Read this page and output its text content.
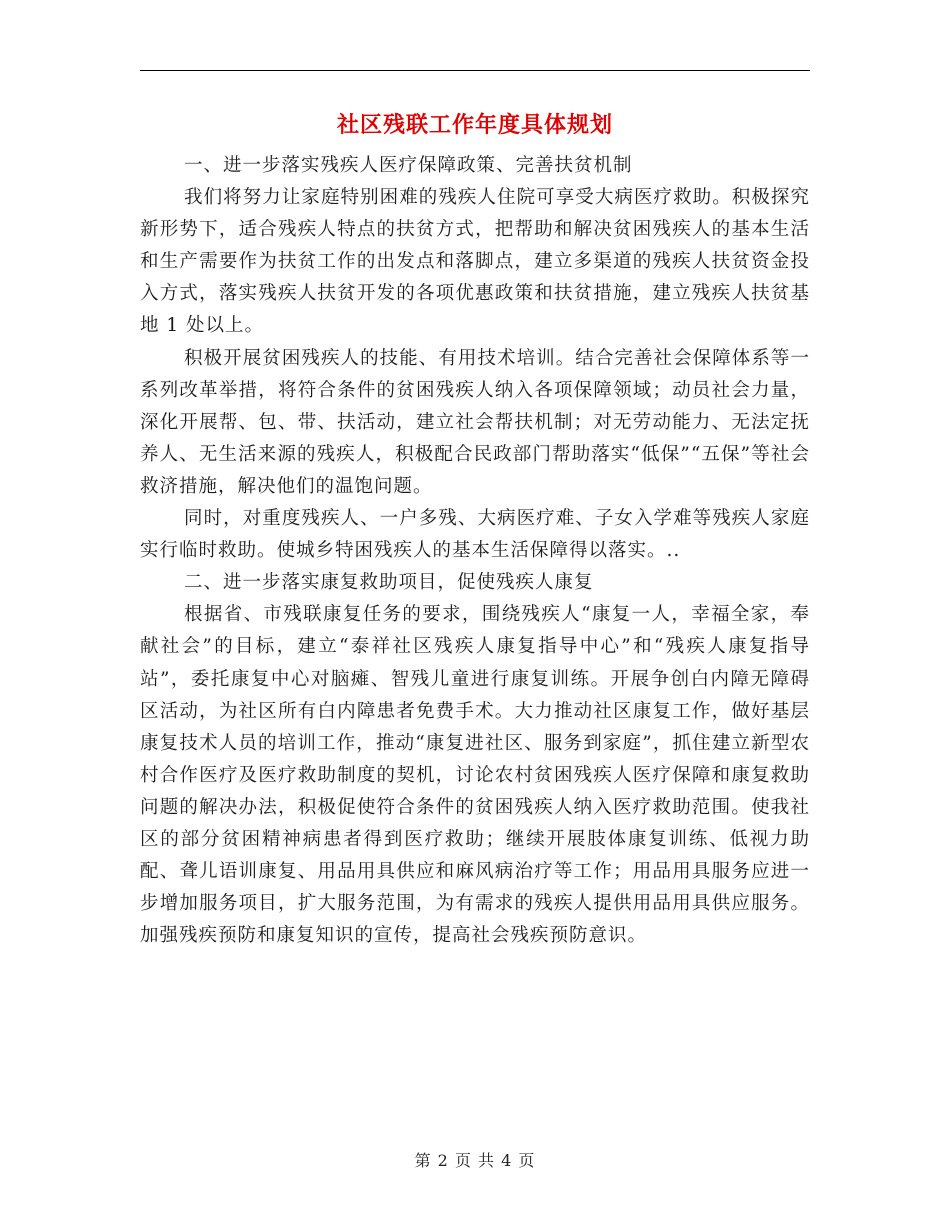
社区残联工作年度具体规划

一、进一步落实残疾人医疗保障政策、完善扶贫机制

我们将努力让家庭特别困难的残疾人住院可享受大病医疗救助。积极探究新形势下，适合残疾人特点的扶贫方式，把帮助和解决贫困残疾人的基本生活和生产需要作为扶贫工作的出发点和落脚点，建立多渠道的残疾人扶贫资金投入方式，落实残疾人扶贫开发的各项优惠政策和扶贫措施，建立残疾人扶贫基地 1 处以上。

积极开展贫困残疾人的技能、有用技术培训。结合完善社会保障体系等一系列改革举措，将符合条件的贫困残疾人纳入各项保障领域；动员社会力量，深化开展帮、包、带、扶活动，建立社会帮扶机制；对无劳动能力、无法定抚养人、无生活来源的残疾人，积极配合民政部门帮助落实“低保”“五保”等社会救济措施，解决他们的温饱问题。

同时，对重度残疾人、一户多残、大病医疗难、子女入学难等残疾人家庭实行临时救助。使城乡特困残疾人的基本生活保障得以落实。..

二、进一步落实康复救助项目，促使残疾人康复

根据省、市残联康复任务的要求，围绕残疾人“康复一人，幸福全家，奉献社会”的目标，建立“泰祥社区残疾人康复指导中心”和“残疾人康复指导站”，委托康复中心对脑瘫、智残儿童进行康复训练。开展争创白内障无障碍区活动，为社区所有白内障患者免费手术。大力推动社区康复工作，做好基层康复技术人员的培训工作，推动“康复进社区、服务到家庭”，抓住建立新型农村合作医疗及医疗救助制度的契机，讨论农村贫困残疾人医疗保障和康复救助问题的解决办法，积极促使符合条件的贫困残疾人纳入医疗救助范围。使我社区的部分贫困精神病患者得到医疗救助；继续开展肢体康复训练、低视力助配、聋儿语训康复、用品用具供应和麻风病治疗等工作；用品用具服务应进一步增加服务项目，扩大服务范围，为有需求的残疾人提供用品用具供应服务。加强残疾预防和康复知识的宣传，提高社会残疾预防意识。

第 2 页 共 4 页
